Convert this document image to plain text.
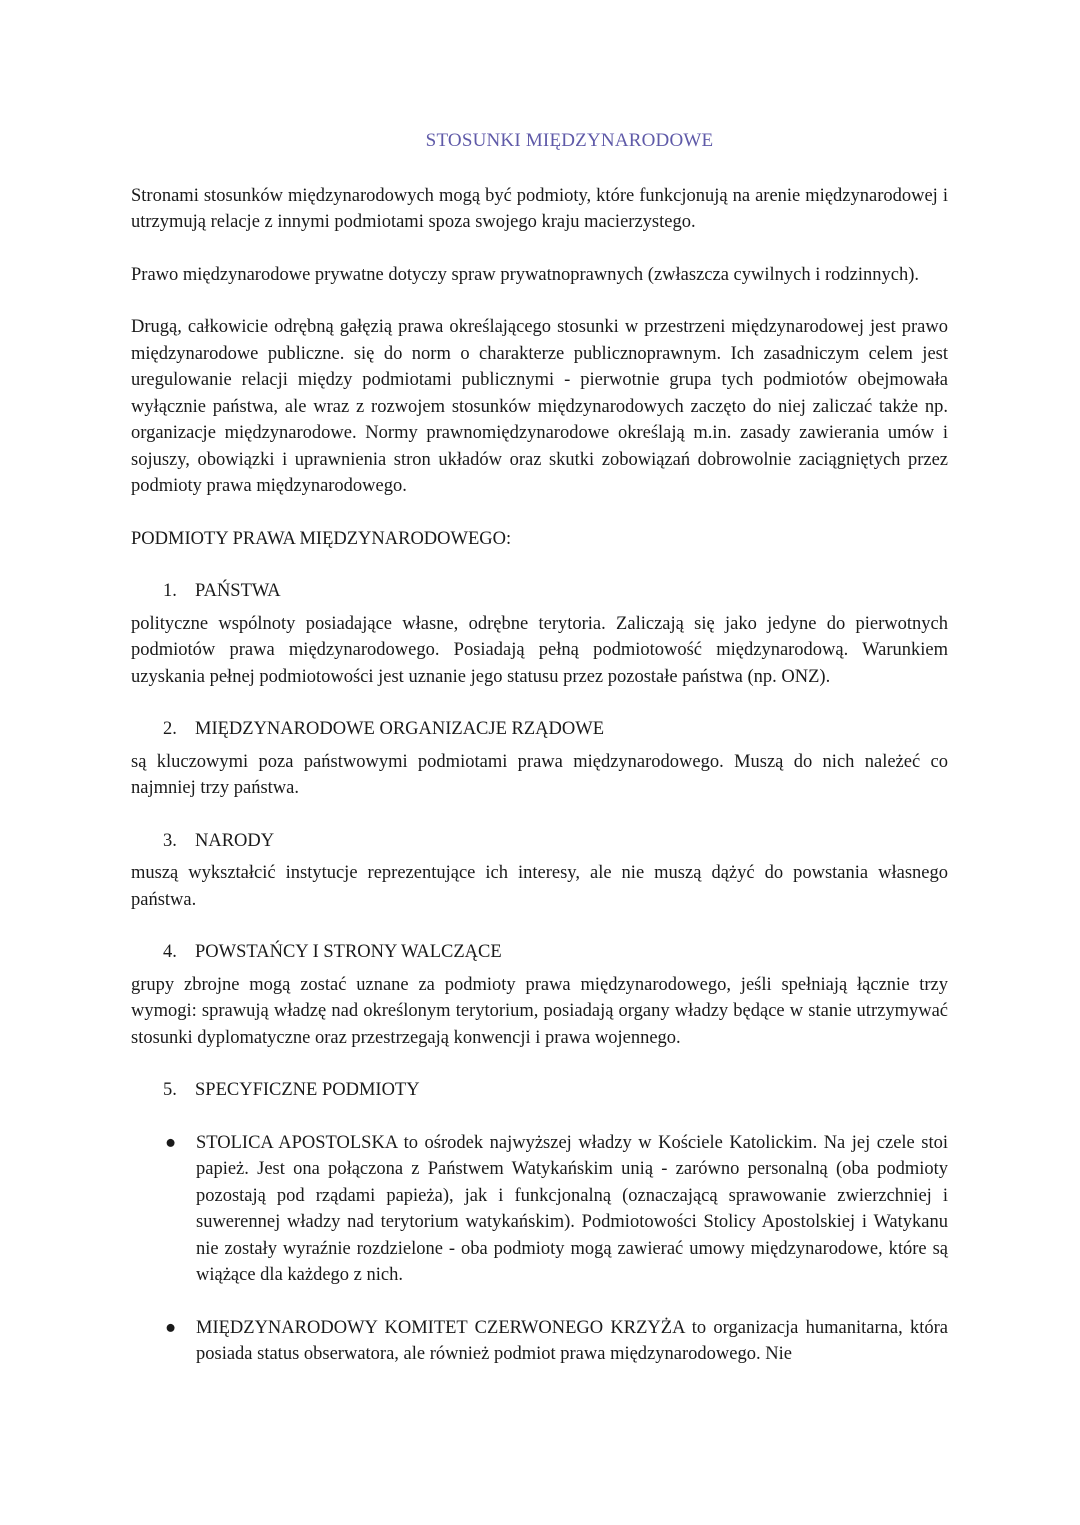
STOSUNKI MIĘDZYNARODOWE

Stronami stosunków międzynarodowych mogą być podmioty, które funkcjonują na arenie międzynarodowej i utrzymują relacje z innymi podmiotami spoza swojego kraju macierzystego.

Prawo międzynarodowe prywatne dotyczy spraw prywatnoprawnych (zwłaszcza cywilnych i rodzinnych).

Drugą, całkowicie odrębną gałęzią prawa określającego stosunki w przestrzeni międzynarodowej jest prawo międzynarodowe publiczne. się do norm o charakterze publicznoprawnym. Ich zasadniczym celem jest uregulowanie relacji między podmiotami publicznymi - pierwotnie grupa tych podmiotów obejmowała wyłącznie państwa, ale wraz z rozwojem stosunków międzynarodowych zaczęto do niej zaliczać także np. organizacje międzynarodowe. Normy prawnomiędzynarodowe określają m.in. zasady zawierania umów i sojuszy, obowiązki i uprawnienia stron układów oraz skutki zobowiązań dobrowolnie zaciągniętych przez podmioty prawa międzynarodowego.

PODMIOTY PRAWA MIĘDZYNARODOWEGO:

1. PAŃSTWA

polityczne wspólnoty posiadające własne, odrębne terytoria. Zaliczają się jako jedyne do pierwotnych podmiotów prawa międzynarodowego. Posiadają pełną podmiotowość międzynarodową. Warunkiem uzyskania pełnej podmiotowości jest uznanie jego statusu przez pozostałe państwa (np. ONZ).

2. MIĘDZYNARODOWE ORGANIZACJE RZĄDOWE

są kluczowymi poza państwowymi podmiotami prawa międzynarodowego. Muszą do nich należeć co najmniej trzy państwa.

3. NARODY

muszą wykształcić instytucje reprezentujące ich interesy, ale nie muszą dążyć do powstania własnego państwa.

4. POWSTAŃCY I STRONY WALCZĄCE

grupy zbrojne mogą zostać uznane za podmioty prawa międzynarodowego, jeśli spełniają łącznie trzy wymogi: sprawują władzę nad określonym terytorium, posiadają organy władzy będące w stanie utrzymywać stosunki dyplomatyczne oraz przestrzegają konwencji i prawa wojennego.

5. SPECYFICZNE PODMIOTY
● STOLICA APOSTOLSKA to ośrodek najwyższej władzy w Kościele Katolickim. Na jej czele stoi papież. Jest ona połączona z Państwem Watykańskim unią - zarówno personalną (oba podmioty pozostają pod rządami papieża), jak i funkcjonalną (oznaczającą sprawowanie zwierzchniej i suwerennej władzy nad terytorium watykańskim). Podmiotowości Stolicy Apostolskiej i Watykanu nie zostały wyraźnie rozdzielone - oba podmioty mogą zawierać umowy międzynarodowe, które są wiążące dla każdego z nich.

● MIĘDZYNARODOWY KOMITET CZERWONEGO KRZYŻA to organizacja humanitarna, która posiada status obserwatora, ale również podmiot prawa międzynarodowego. Nie
